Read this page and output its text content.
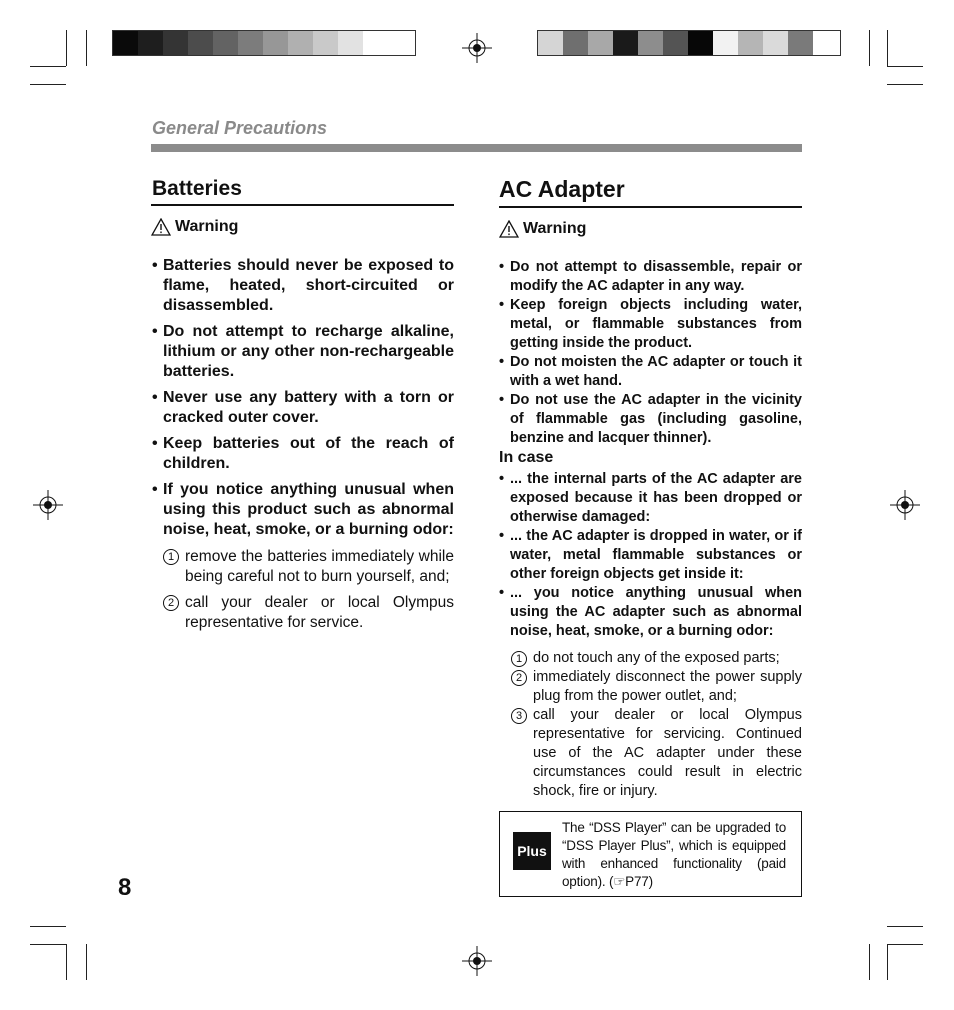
General Precautions
Batteries
Warning
• Batteries should never be exposed to flame, heated, short-circuited or disassembled.
• Do not attempt to recharge alkaline, lithium or any other non-rechargeable batteries.
• Never use any battery with a torn or cracked outer cover.
• Keep batteries out of the reach of children.
• If you notice anything unusual when using this product such as abnormal noise, heat, smoke, or a burning odor:
1 remove the batteries immediately while being careful not to burn yourself, and;
2 call your dealer or local Olympus representative for service.
AC Adapter
Warning
• Do not attempt to disassemble, repair or modify the AC adapter in any way.
• Keep foreign objects including water, metal, or flammable substances from getting inside the product.
• Do not moisten the AC adapter or touch it with a wet hand.
• Do not use the AC adapter in the vicinity of flammable gas (including gasoline, benzine and lacquer thinner).
In case
• ... the internal parts of the AC adapter are exposed because it has been dropped or otherwise damaged:
• ... the AC adapter is dropped in water, or if water, metal flammable substances or other foreign objects get inside it:
• ... you notice anything unusual when using the AC adapter such as abnormal noise, heat, smoke, or a burning odor:
1 do not touch any of the exposed parts;
2 immediately disconnect the power supply plug from the power outlet, and;
3 call your dealer or local Olympus representative for servicing. Continued use of the AC adapter under these circumstances could result in electric shock, fire or injury.
Plus
The “DSS Player” can be upgraded to “DSS Player Plus”, which is equipped with enhanced functionality (paid option). (☞P77)
8
